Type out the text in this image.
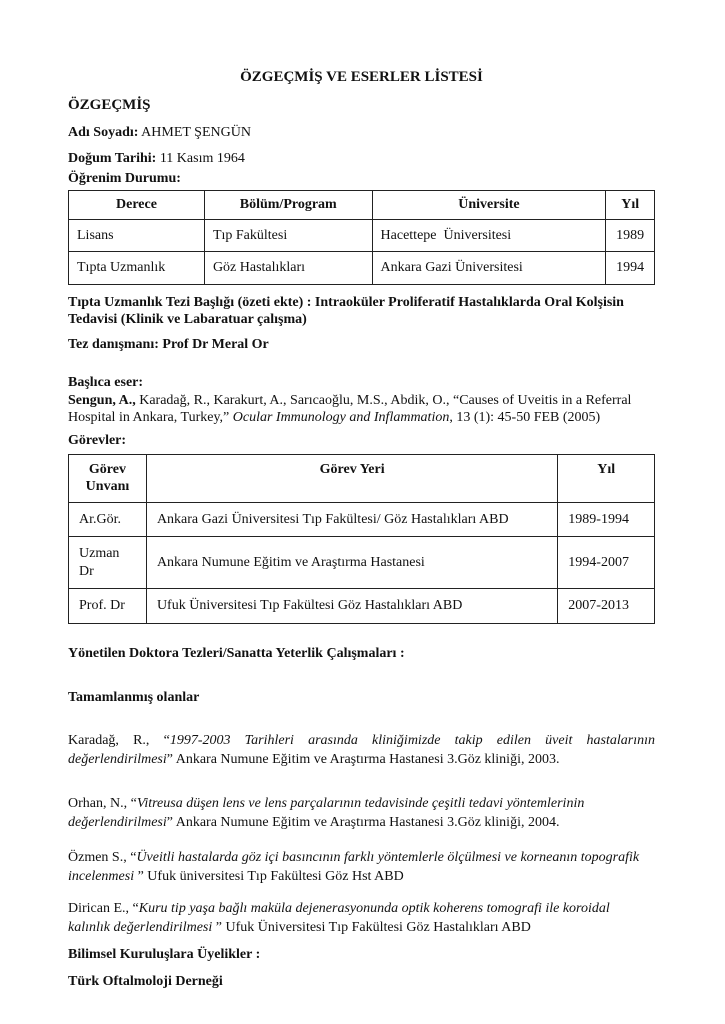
ÖZGEÇMİŞ VE ESERLER LİSTESİ

ÖZGEÇMİŞ

Adı Soyadı: AHMET ŞENGÜN

Doğum Tarihi: 11 Kasım 1964

Öğrenim Durumu:

Derece	Bölüm/Program	Üniversite	Yıl
Lisans	Tıp Fakültesi	Hacettepe  Üniversitesi	1989
Tıpta Uzmanlık	Göz Hastalıkları	Ankara Gazi Üniversitesi	1994

Tıpta Uzmanlık Tezi Başlığı (özeti ekte) : Intraoküler Proliferatif Hastalıklarda Oral Kolşisin Tedavisi (Klinik ve Labaratuar çalışma)

Tez danışmanı: Prof Dr Meral Or

Başlıca eser:

Sengun, A., Karadağ, R., Karakurt, A., Sarıcaoğlu, M.S., Abdik, O., “Causes of Uveitis in a Referral Hospital in Ankara, Turkey,” Ocular Immunology and Inflammation, 13 (1): 45-50 FEB (2005)

Görevler:

Görev Unvanı	Görev Yeri	Yıl
Ar.Gör.	Ankara Gazi Üniversitesi Tıp Fakültesi/ Göz Hastalıkları ABD	1989-1994
Uzman Dr	Ankara Numune Eğitim ve Araştırma Hastanesi	1994-2007
Prof. Dr	Ufuk Üniversitesi Tıp Fakültesi Göz Hastalıkları ABD	2007-2013

Yönetilen Doktora Tezleri/Sanatta Yeterlik Çalışmaları :

Tamamlanmış olanlar

Karadağ, R., “1997-2003 Tarihleri arasında kliniğimizde takip edilen üveit hastalarının değerlendirilmesi” Ankara Numune Eğitim ve Araştırma Hastanesi 3.Göz kliniği, 2003.

Orhan, N., “Vitreusa düşen lens ve lens parçalarının tedavisinde çeşitli tedavi yöntemlerinin değerlendirilmesi” Ankara Numune Eğitim ve Araştırma Hastanesi 3.Göz kliniği, 2004.

Özmen S., “Üveitli hastalarda göz içi basıncının farklı yöntemlerle ölçülmesi ve korneanın topografik incelenmesi ” Ufuk üniversitesi Tıp Fakültesi Göz Hst ABD

Dirican E., “Kuru tip yaşa bağlı maküla dejenerasyonunda optik koherens tomografi ile koroidal kalınlık değerlendirilmesi ” Ufuk Üniversitesi Tıp Fakültesi Göz Hastalıkları ABD

Bilimsel Kuruluşlara Üyelikler :

Türk Oftalmoloji Derneği
